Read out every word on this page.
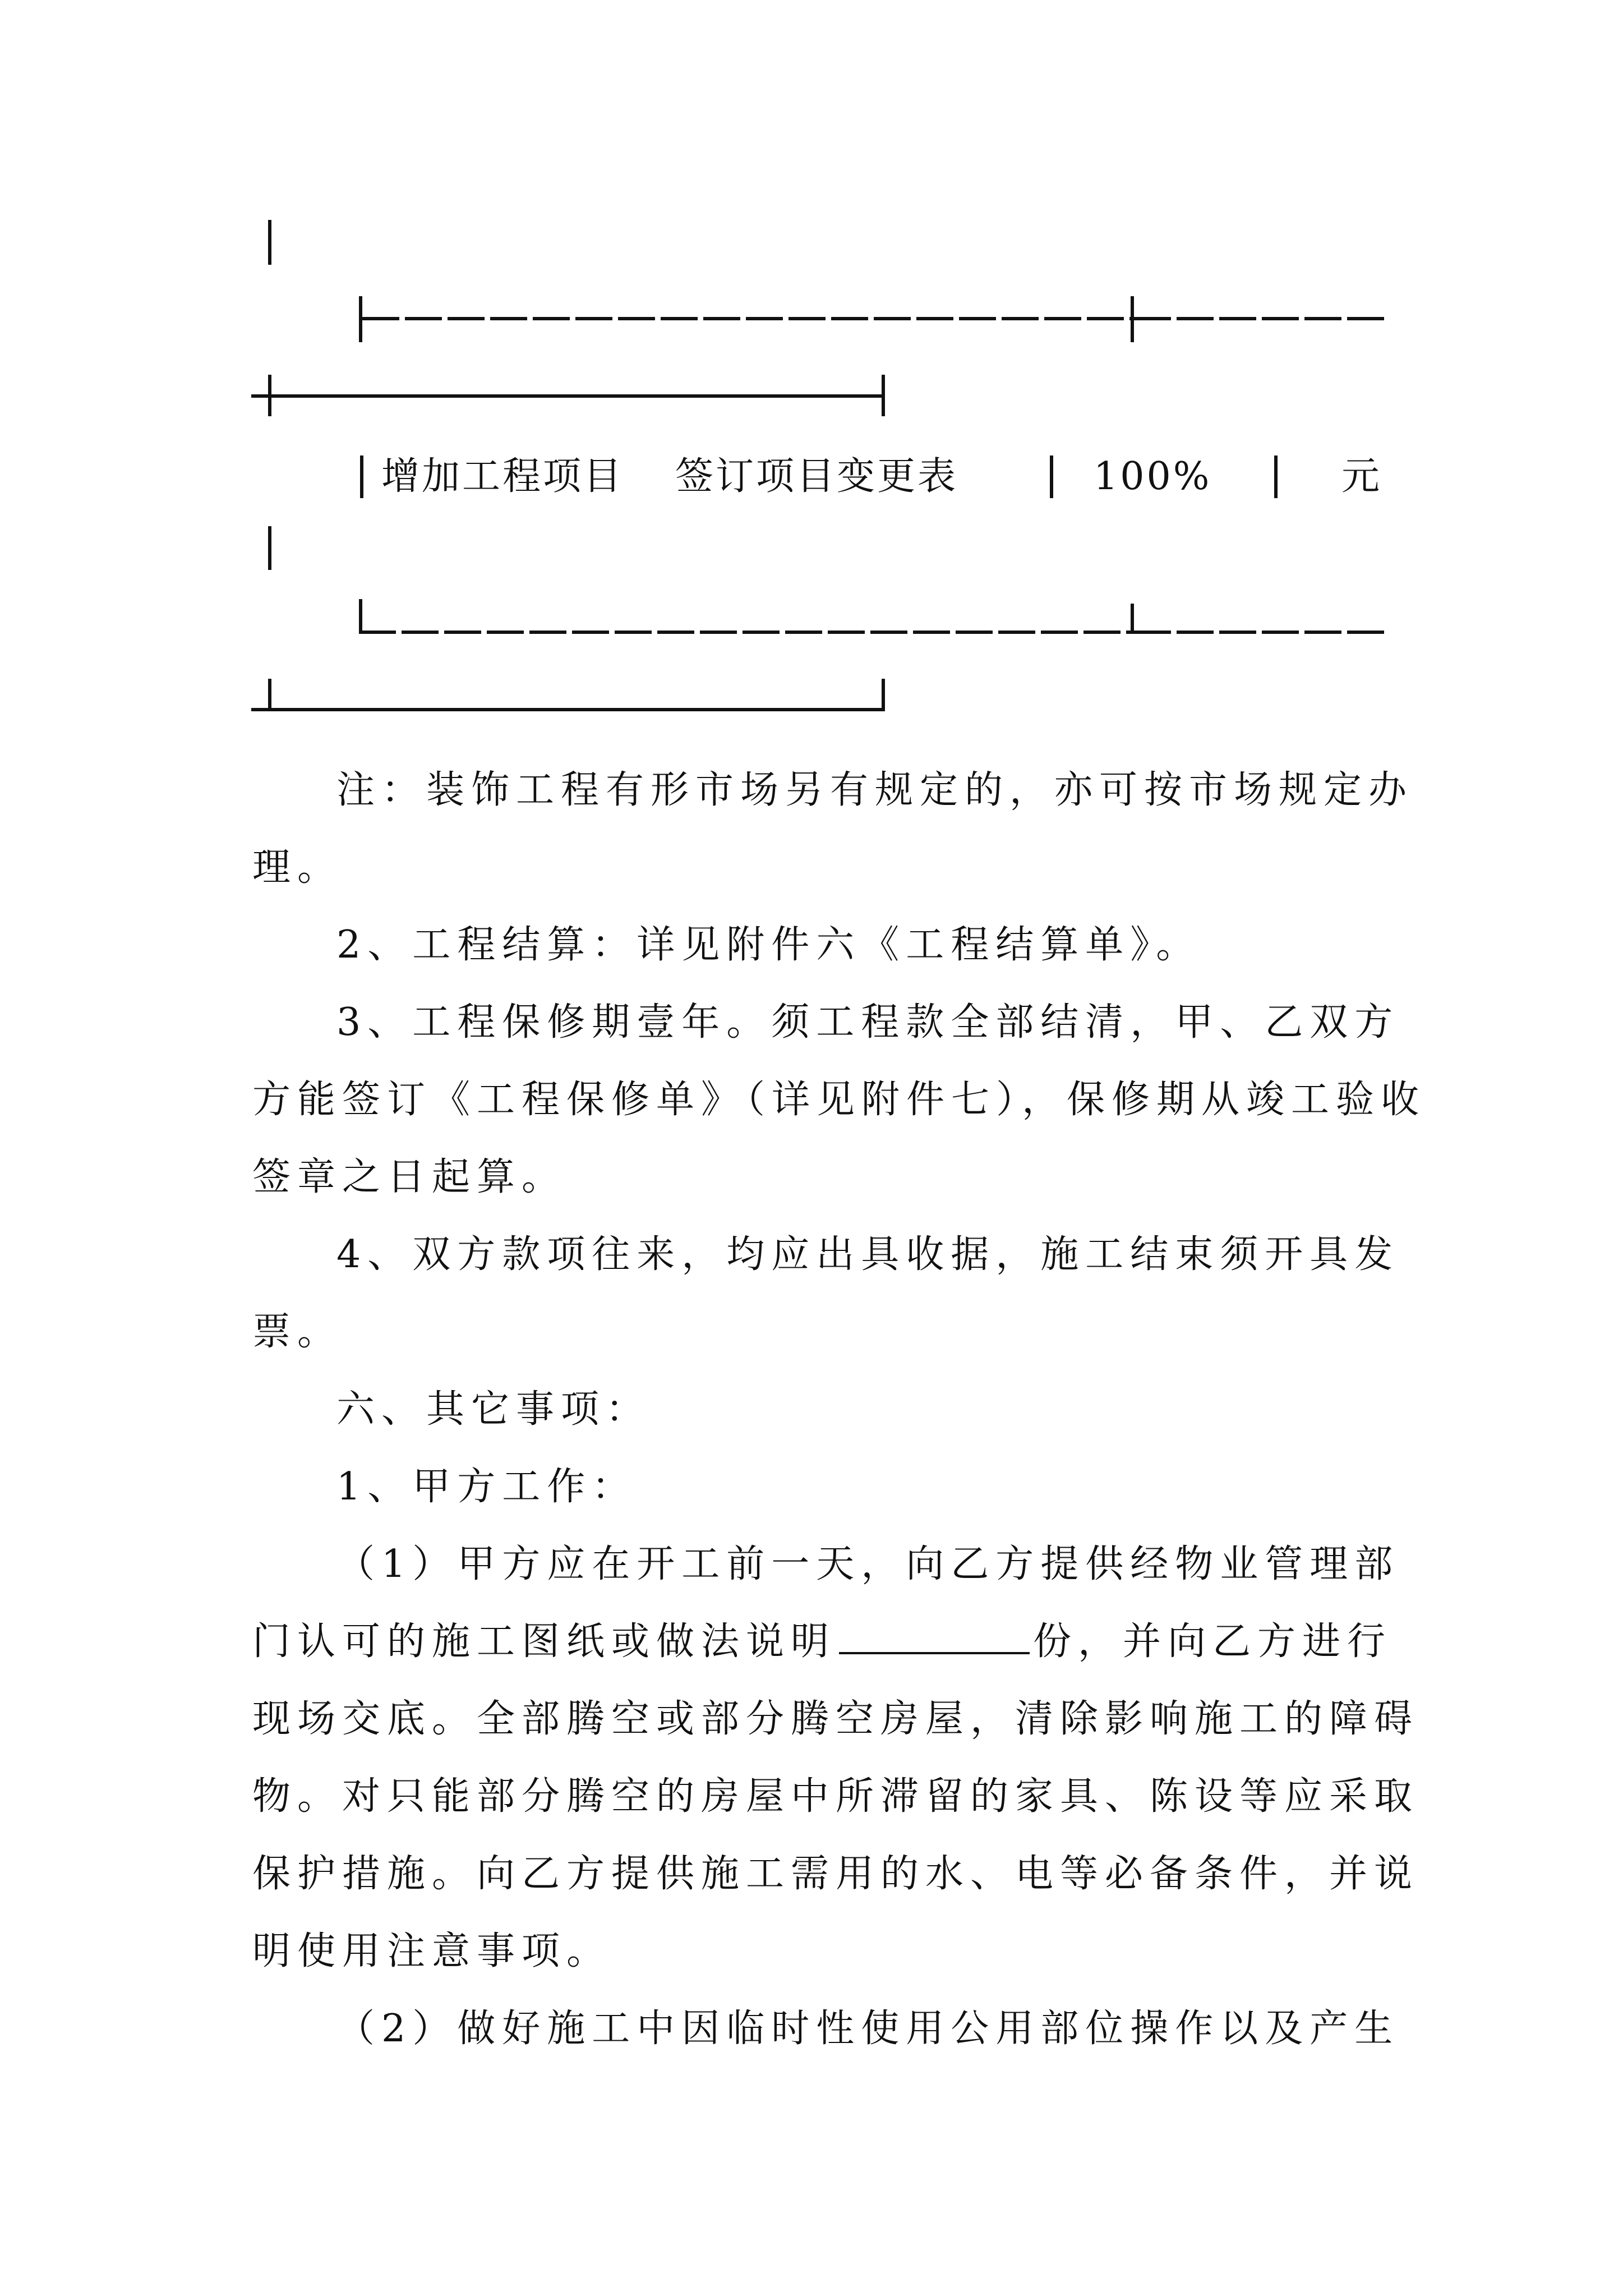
增加工程项目 签订项目变更表	100%	元
注：装饰工程有形市场另有规定的，亦可按市场规定办
理。
2、工程结算：详见附件六《工程结算单》。
3、工程保修期壹年。须工程款全部结清，甲、乙双方
方能签订《工程保修单》（详见附件七），保修期从竣工验收
签章之日起算。
4、双方款项往来，均应出具收据，施工结束须开具发
票。
六、其它事项：
1、甲方工作：
（1）甲方应在开工前一天，向乙方提供经物业管理部
门认可的施工图纸或做法说明	份，并向乙方进行
现场交底。全部腾空或部分腾空房屋，清除影响施工的障碍
物。对只能部分腾空的房屋中所滞留的家具、陈设等应采取
保护措施。向乙方提供施工需用的水、电等必备条件，并说
明使用注意事项。
（2）做好施工中因临时性使用公用部位操作以及产生
